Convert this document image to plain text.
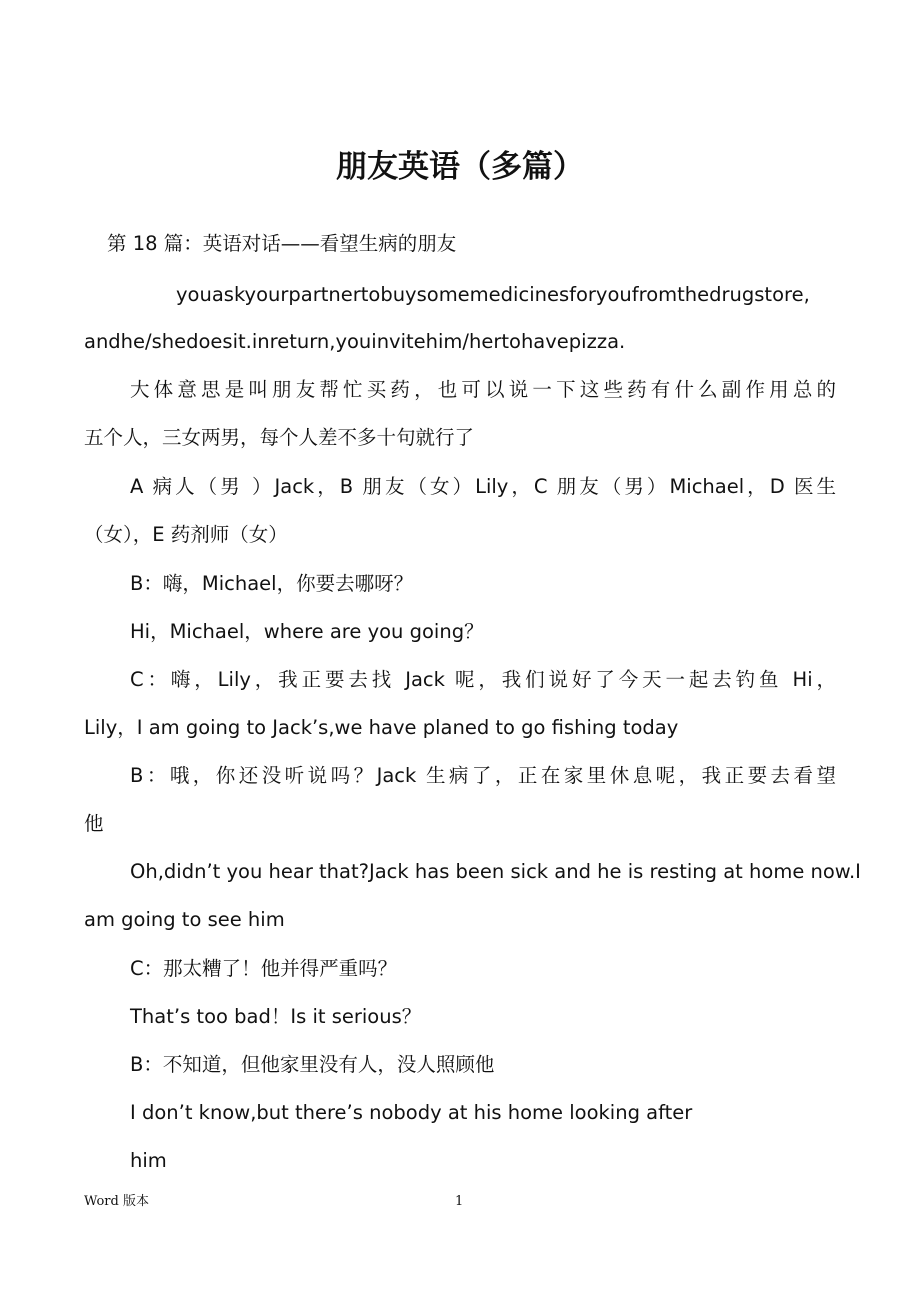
朋友英语（多篇）

第 18 篇：英语对话——看望生病的朋友

youaskyourpartnertobuysomemedicinesforyoufromthedrugstore,

andhe/shedoesit.inreturn,youinvitehim/hertohavepizza.

大体意思是叫朋友帮忙买药，也可以说一下这些药有什么副作用总的

五个人，三女两男，每个人差不多十句就行了

A 病人（男 ）Jack，B 朋友（女）Lily，C 朋友（男）Michael，D 医生

（女），E 药剂师（女）

B：嗨，Michael，你要去哪呀？

Hi，Michael，where are you going？

C：嗨，Lily，我正要去找 Jack 呢，我们说好了今天一起去钓鱼 Hi，

Lily，I am going to Jack’s,we have planed to go fishing today

B：哦，你还没听说吗？Jack 生病了，正在家里休息呢，我正要去看望

他

Oh,didn’t you hear that?Jack has been sick and he is resting at home now.I

am going to see him

C：那太糟了！他并得严重吗？

That’s too bad！Is it serious？

B：不知道，但他家里没有人，没人照顾他

I don’t know,but there’s nobody at his home looking after

him

Word 版本	1
